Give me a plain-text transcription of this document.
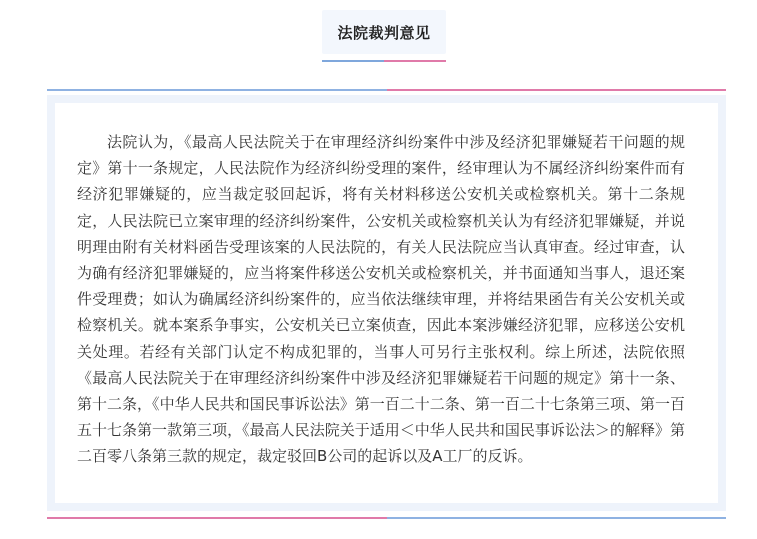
法院裁判意见

法院认为，《最高人民法院关于在审理经济纠纷案件中涉及经济犯罪嫌疑若干问题的规定》第十一条规定，人民法院作为经济纠纷受理的案件，经审理认为不属经济纠纷案件而有经济犯罪嫌疑的，应当裁定驳回起诉，将有关材料移送公安机关或检察机关。第十二条规定，人民法院已立案审理的经济纠纷案件，公安机关或检察机关认为有经济犯罪嫌疑，并说明理由附有关材料函告受理该案的人民法院的，有关人民法院应当认真审查。经过审查，认为确有经济犯罪嫌疑的，应当将案件移送公安机关或检察机关，并书面通知当事人，退还案件受理费；如认为确属经济纠纷案件的，应当依法继续审理，并将结果函告有关公安机关或检察机关。就本案系争事实，公安机关已立案侦查，因此本案涉嫌经济犯罪，应移送公安机关处理。若经有关部门认定不构成犯罪的，当事人可另行主张权利。综上所述，法院依照《最高人民法院关于在审理经济纠纷案件中涉及经济犯罪嫌疑若干问题的规定》第十一条、第十二条，《中华人民共和国民事诉讼法》第一百二十二条、第一百二十七条第三项、第一百五十七条第一款第三项，《最高人民法院关于适用＜中华人民共和国民事诉讼法＞的解释》第二百零八条第三款的规定，裁定驳回B公司的起诉以及A工厂的反诉。
